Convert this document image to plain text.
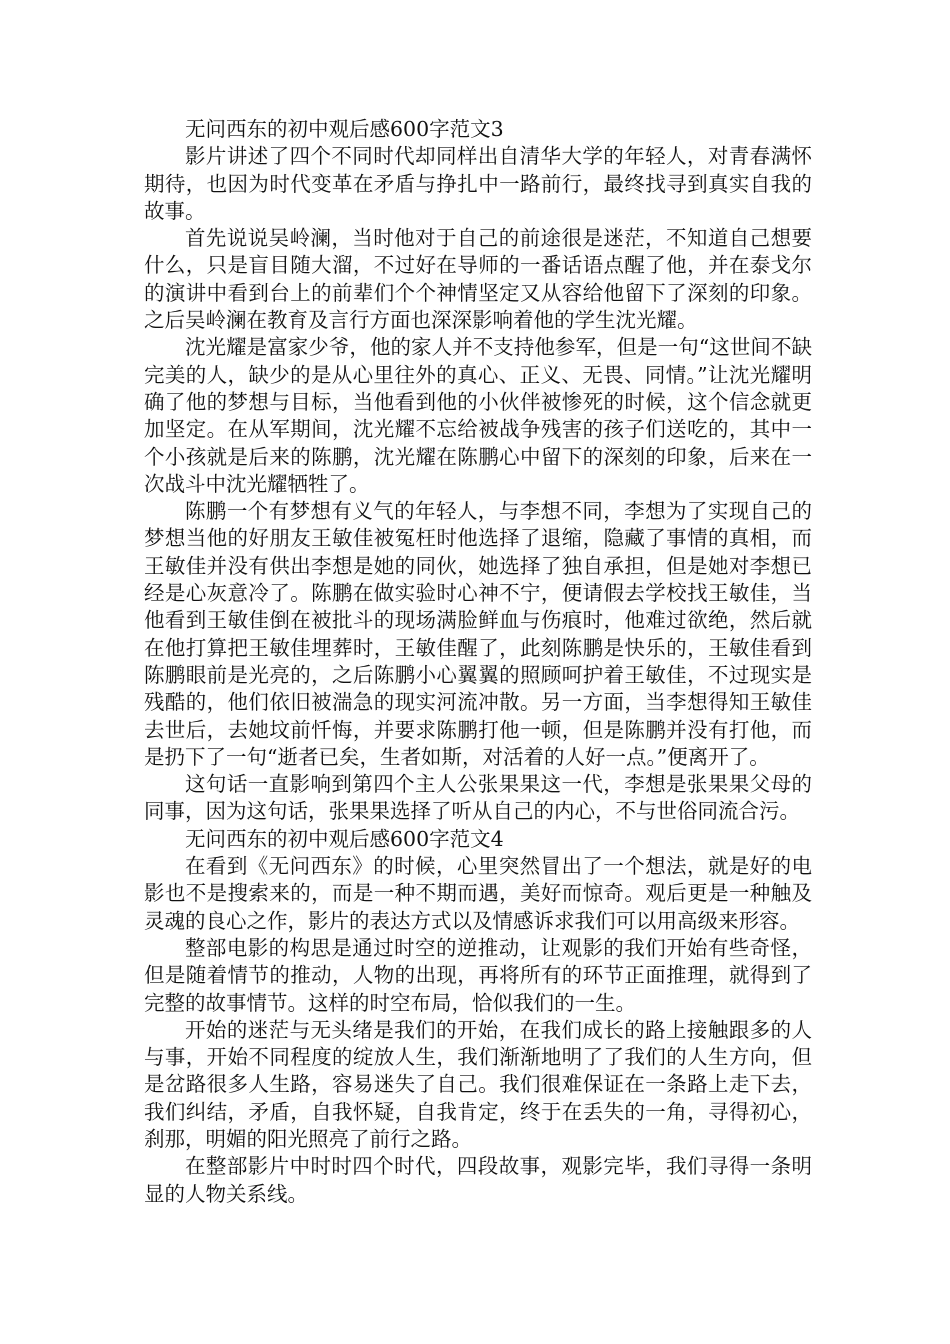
无问西东的初中观后感600字范文3

影片讲述了四个不同时代却同样出自清华大学的年轻人，对青春满怀期待，也因为时代变革在矛盾与挣扎中一路前行，最终找寻到真实自我的故事。

首先说说吴岭澜，当时他对于自己的前途很是迷茫，不知道自己想要什么，只是盲目随大溜，不过好在导师的一番话语点醒了他，并在泰戈尔的演讲中看到台上的前辈们个个神情坚定又从容给他留下了深刻的印象。之后吴岭澜在教育及言行方面也深深影响着他的学生沈光耀。

沈光耀是富家少爷，他的家人并不支持他参军，但是一句“这世间不缺完美的人，缺少的是从心里往外的真心、正义、无畏、同情。”让沈光耀明确了他的梦想与目标，当他看到他的小伙伴被惨死的时候，这个信念就更加坚定。在从军期间，沈光耀不忘给被战争残害的孩子们送吃的，其中一个小孩就是后来的陈鹏，沈光耀在陈鹏心中留下的深刻的印象，后来在一次战斗中沈光耀牺牲了。

陈鹏一个有梦想有义气的年轻人，与李想不同，李想为了实现自己的梦想当他的好朋友王敏佳被冤枉时他选择了退缩，隐藏了事情的真相，而王敏佳并没有供出李想是她的同伙，她选择了独自承担，但是她对李想已经是心灰意冷了。陈鹏在做实验时心神不宁，便请假去学校找王敏佳，当他看到王敏佳倒在被批斗的现场满脸鲜血与伤痕时，他难过欲绝，然后就在他打算把王敏佳埋葬时，王敏佳醒了，此刻陈鹏是快乐的，王敏佳看到陈鹏眼前是光亮的，之后陈鹏小心翼翼的照顾呵护着王敏佳，不过现实是残酷的，他们依旧被湍急的现实河流冲散。另一方面，当李想得知王敏佳去世后，去她坟前忏悔，并要求陈鹏打他一顿，但是陈鹏并没有打他，而是扔下了一句“逝者已矣，生者如斯，对活着的人好一点。”便离开了。

这句话一直影响到第四个主人公张果果这一代，李想是张果果父母的同事，因为这句话，张果果选择了听从自己的内心，不与世俗同流合污。

无问西东的初中观后感600字范文4

在看到《无问西东》的时候，心里突然冒出了一个想法，就是好的电影也不是搜索来的，而是一种不期而遇，美好而惊奇。观后更是一种触及灵魂的良心之作，影片的表达方式以及情感诉求我们可以用高级来形容。

整部电影的构思是通过时空的逆推动，让观影的我们开始有些奇怪，但是随着情节的推动，人物的出现，再将所有的环节正面推理，就得到了完整的故事情节。这样的时空布局，恰似我们的一生。

开始的迷茫与无头绪是我们的开始，在我们成长的路上接触跟多的人与事，开始不同程度的绽放人生，我们渐渐地明了了我们的人生方向，但是岔路很多人生路，容易迷失了自己。我们很难保证在一条路上走下去，我们纠结，矛盾，自我怀疑，自我肯定，终于在丢失的一角，寻得初心，刹那，明媚的阳光照亮了前行之路。

在整部影片中时时四个时代，四段故事，观影完毕，我们寻得一条明显的人物关系线。
